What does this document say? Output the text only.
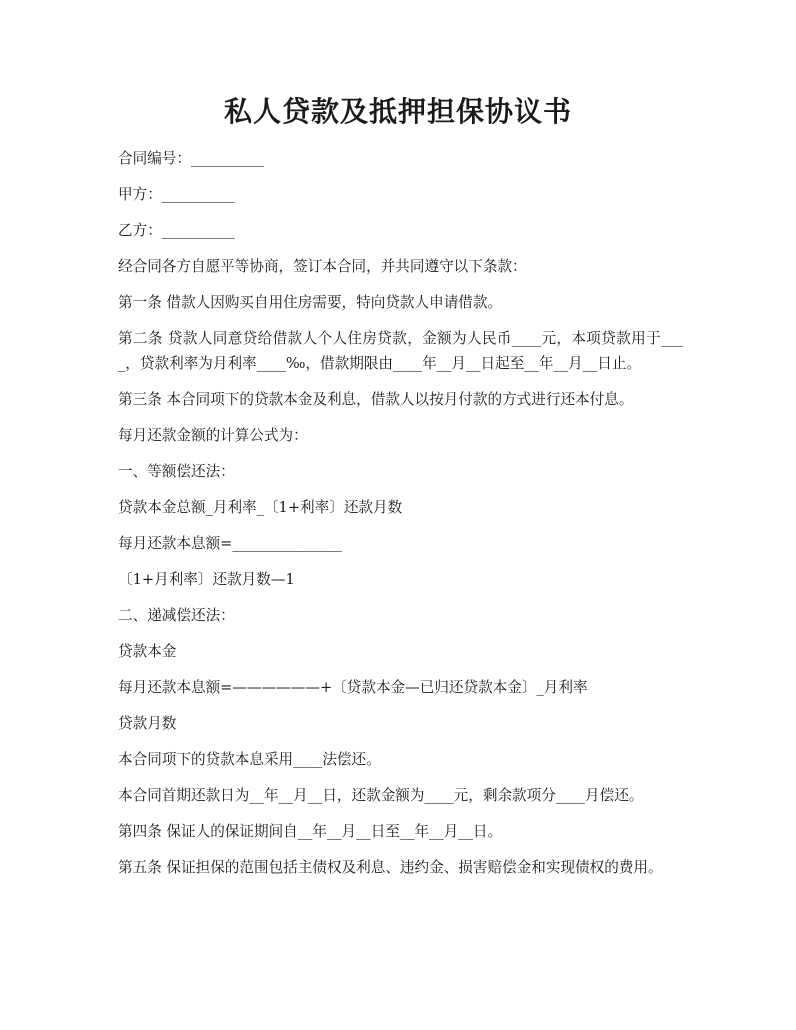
私人贷款及抵押担保协议书

合同编号：__________

甲方：__________

乙方：__________

经合同各方自愿平等协商，签订本合同，并共同遵守以下条款：

第一条 借款人因购买自用住房需要，特向贷款人申请借款。

第二条 贷款人同意贷给借款人个人住房贷款，金额为人民币____元，本项贷款用于____，贷款利率为月利率____‰，借款期限由____年__月__日起至__年__月__日止。

第三条 本合同项下的贷款本金及利息，借款人以按月付款的方式进行还本付息。

每月还款金额的计算公式为：

一、等额偿还法：

贷款本金总额_月利率_〔1+利率〕还款月数

每月还款本息额=_______________

〔1+月利率〕还款月数—1

二、递减偿还法：

贷款本金

每月还款本息额=——————+〔贷款本金—已归还贷款本金〕_月利率

贷款月数

本合同项下的贷款本息采用____法偿还。

本合同首期还款日为__年__月__日，还款金额为____元，剩余款项分____月偿还。

第四条 保证人的保证期间自__年__月__日至__年__月__日。

第五条 保证担保的范围包括主债权及利息、违约金、损害赔偿金和实现债权的费用。
